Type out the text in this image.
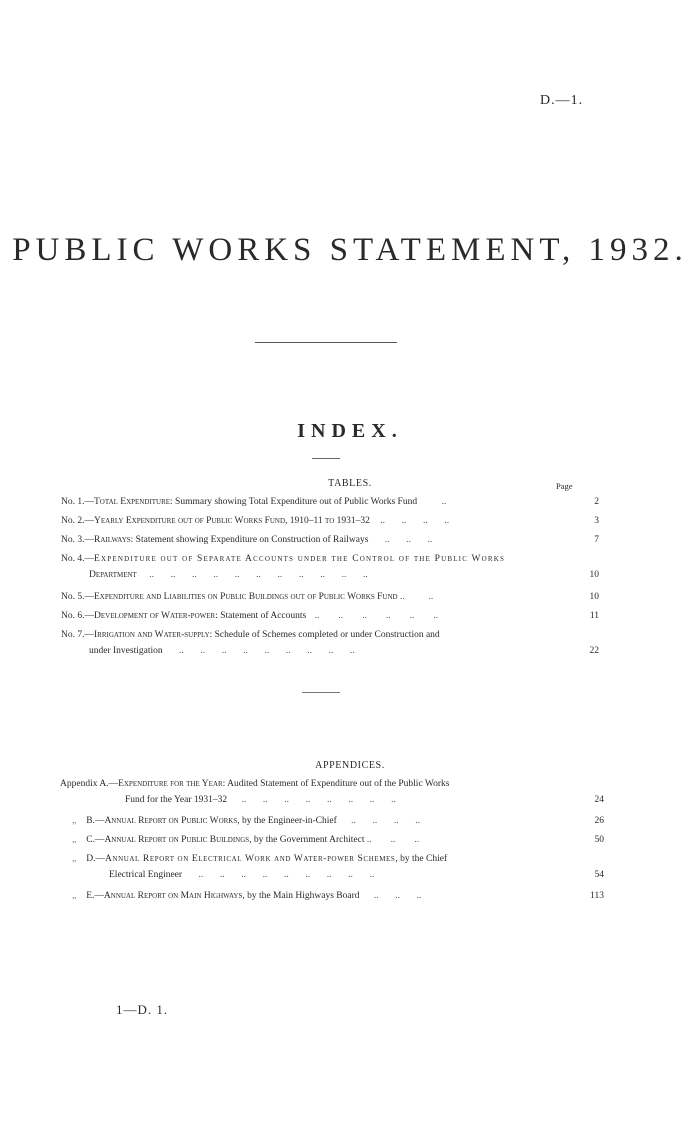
D.—1.
PUBLIC WORKS STATEMENT, 1932.
INDEX.
TABLES.	Page
No. 1.—Total Expenditure: Summary showing Total Expenditure out of Public Works Fund	..	2
No. 2.—Yearly Expenditure out of Public Works Fund, 1910–11 to 1931–32 ..       ..       ..       ..	3
No. 3.—Railways: Statement showing Expenditure on Construction of Railways ..       ..       ..	7
No. 4.—Expenditure out of Separate Accounts under the Control of the Public Works
Department ..       ..       ..       ..       ..       ..       ..       ..       ..       ..       ..	10
No. 5.—Expenditure and Liabilities on Public Buildings out of Public Works Fund ..          ..	10
No. 6.—Development of Water-power: Statement of Accounts ..        ..        ..        ..        ..        ..	11
No. 7.—Irrigation and Water-supply: Schedule of Schemes completed or under Construction and
under Investigation ..       ..       ..       ..       ..       ..       ..       ..       ..	22
APPENDICES.
Appendix A.—Expenditure for the Year: Audited Statement of Expenditure out of the Public Works
Fund for the Year 1931–32 ..       ..       ..       ..       ..       ..       ..       ..	24
„ B.—Annual Report on Public Works, by the Engineer-in-Chief ..       ..       ..       ..	26
„ C.—Annual Report on Public Buildings, by the Government Architect ..        ..        ..	50
„ D.—Annual Report on Electrical Work and Water-power Schemes, by the Chief
Electrical Engineer ..       ..       ..       ..       ..       ..       ..       ..       ..	54
„ E.—Annual Report on Main Highways, by the Main Highways Board ..       ..       ..	113
1—D. 1.
